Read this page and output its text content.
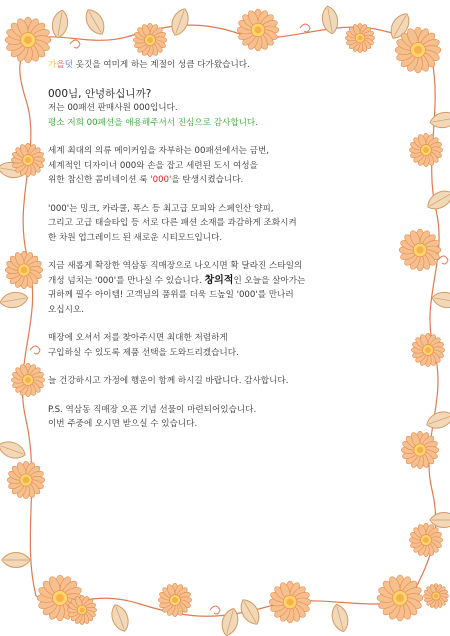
가을덧 옷깃을 여미게 하는 계절이 성큼 다가왔습니다.

000님, 안녕하십니까?

저는 00패션 판매사원 000입니다.

평소 저희 00패션을 애용해주셔서 진심으로 감사합니다.

세계 최대의 의류 메이커임을 자부하는 00패션에서는 금번,

세계적인 디자이너 000와 손을 잡고 세련된 도시 여성을

위한 참신한 콤비네이션 룩 '000'을 탄생시켰습니다.

'000'는 밍크, 카라쿨, 폭스 등 최고급 모피와 스페인산 양피,

그리고 고급 태슬타입 등 서로 다른 패션 소재를 과감하게 조화시켜

한 차원 업그레이드 된 새로운 시티모드입니다.

지금 새롭게 확장한 역삼동 직매장으로 나오시면 확 달라진 스타일의

개성 넘치는 '000'를 만나실 수 있습니다. 창의적인 오늘을 살아가는

귀하께 필수 아이템! 고객님의 품위를 더욱 드높일 '000'를 만나러

오십시오.

매장에 오셔서 저를 찾아주시면 최대한 저렴하게

구입하실 수 있도록 제품 선택을 도와드리겠습니다.

늘 건강하시고 가정에 행운이 함께 하시길 바랍니다. 감사합니다.

P.S. 역삼동 직매장 오픈 기념 선물이 마련되어있습니다.

이번 주중에 오시면 받으실 수 있습니다.
